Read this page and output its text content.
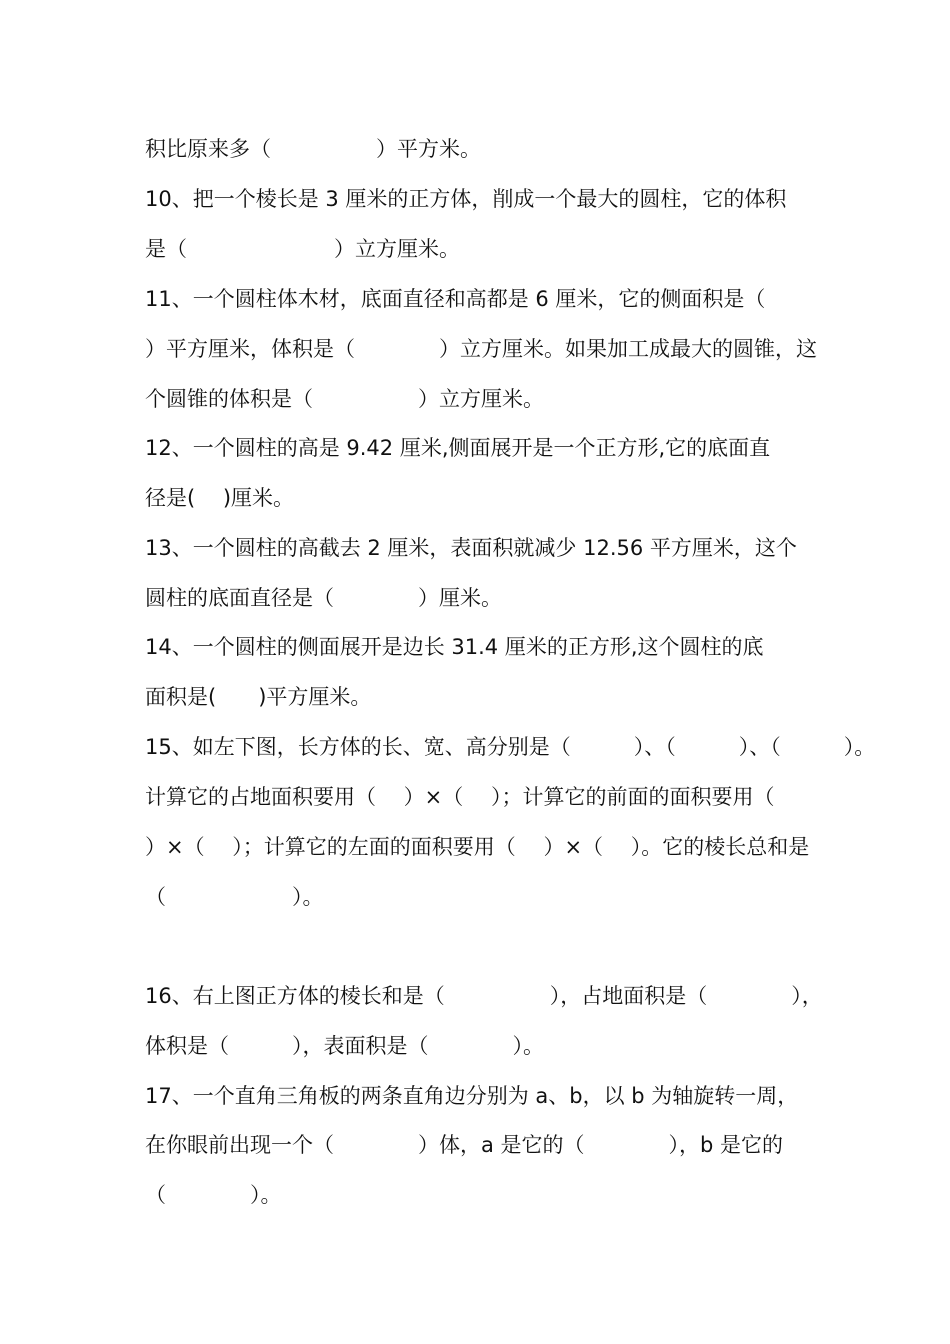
积比原来多（　　　　　）平方米。
10、把一个棱长是 3 厘米的正方体，削成一个最大的圆柱，它的体积
是（　　　　　　　）立方厘米。
11、一个圆柱体木材，底面直径和高都是 6 厘米，它的侧面积是（
）平方厘米，体积是（　　　　）立方厘米。如果加工成最大的圆锥，这
个圆锥的体积是（　　　　　）立方厘米。
12、一个圆柱的高是 9.42 厘米,侧面展开是一个正方形,它的底面直
径是(　 )厘米。
13、一个圆柱的高截去 2 厘米，表面积就减少 12.56 平方厘米，这个
圆柱的底面直径是（　　　　）厘米。
14、一个圆柱的侧面展开是边长 31.4 厘米的正方形,这个圆柱的底
面积是(　　)平方厘米。
15、如左下图，长方体的长、宽、高分别是（　　　）、（　　　）、（　　　）。
计算它的占地面积要用（　 ）×（　 ）；计算它的前面的面积要用（
）×（　 ）；计算它的左面的面积要用（　 ）×（　 ）。它的棱长总和是
（　　　　　　）。
16、右上图正方体的棱长和是（　　　　　），占地面积是（　　　　），
体积是（　　　），表面积是（　　　　）。
17、一个直角三角板的两条直角边分别为 a、b，以 b 为轴旋转一周，
在你眼前出现一个（　　　　）体，a 是它的（　　　　），b 是它的
（　　　　）。
